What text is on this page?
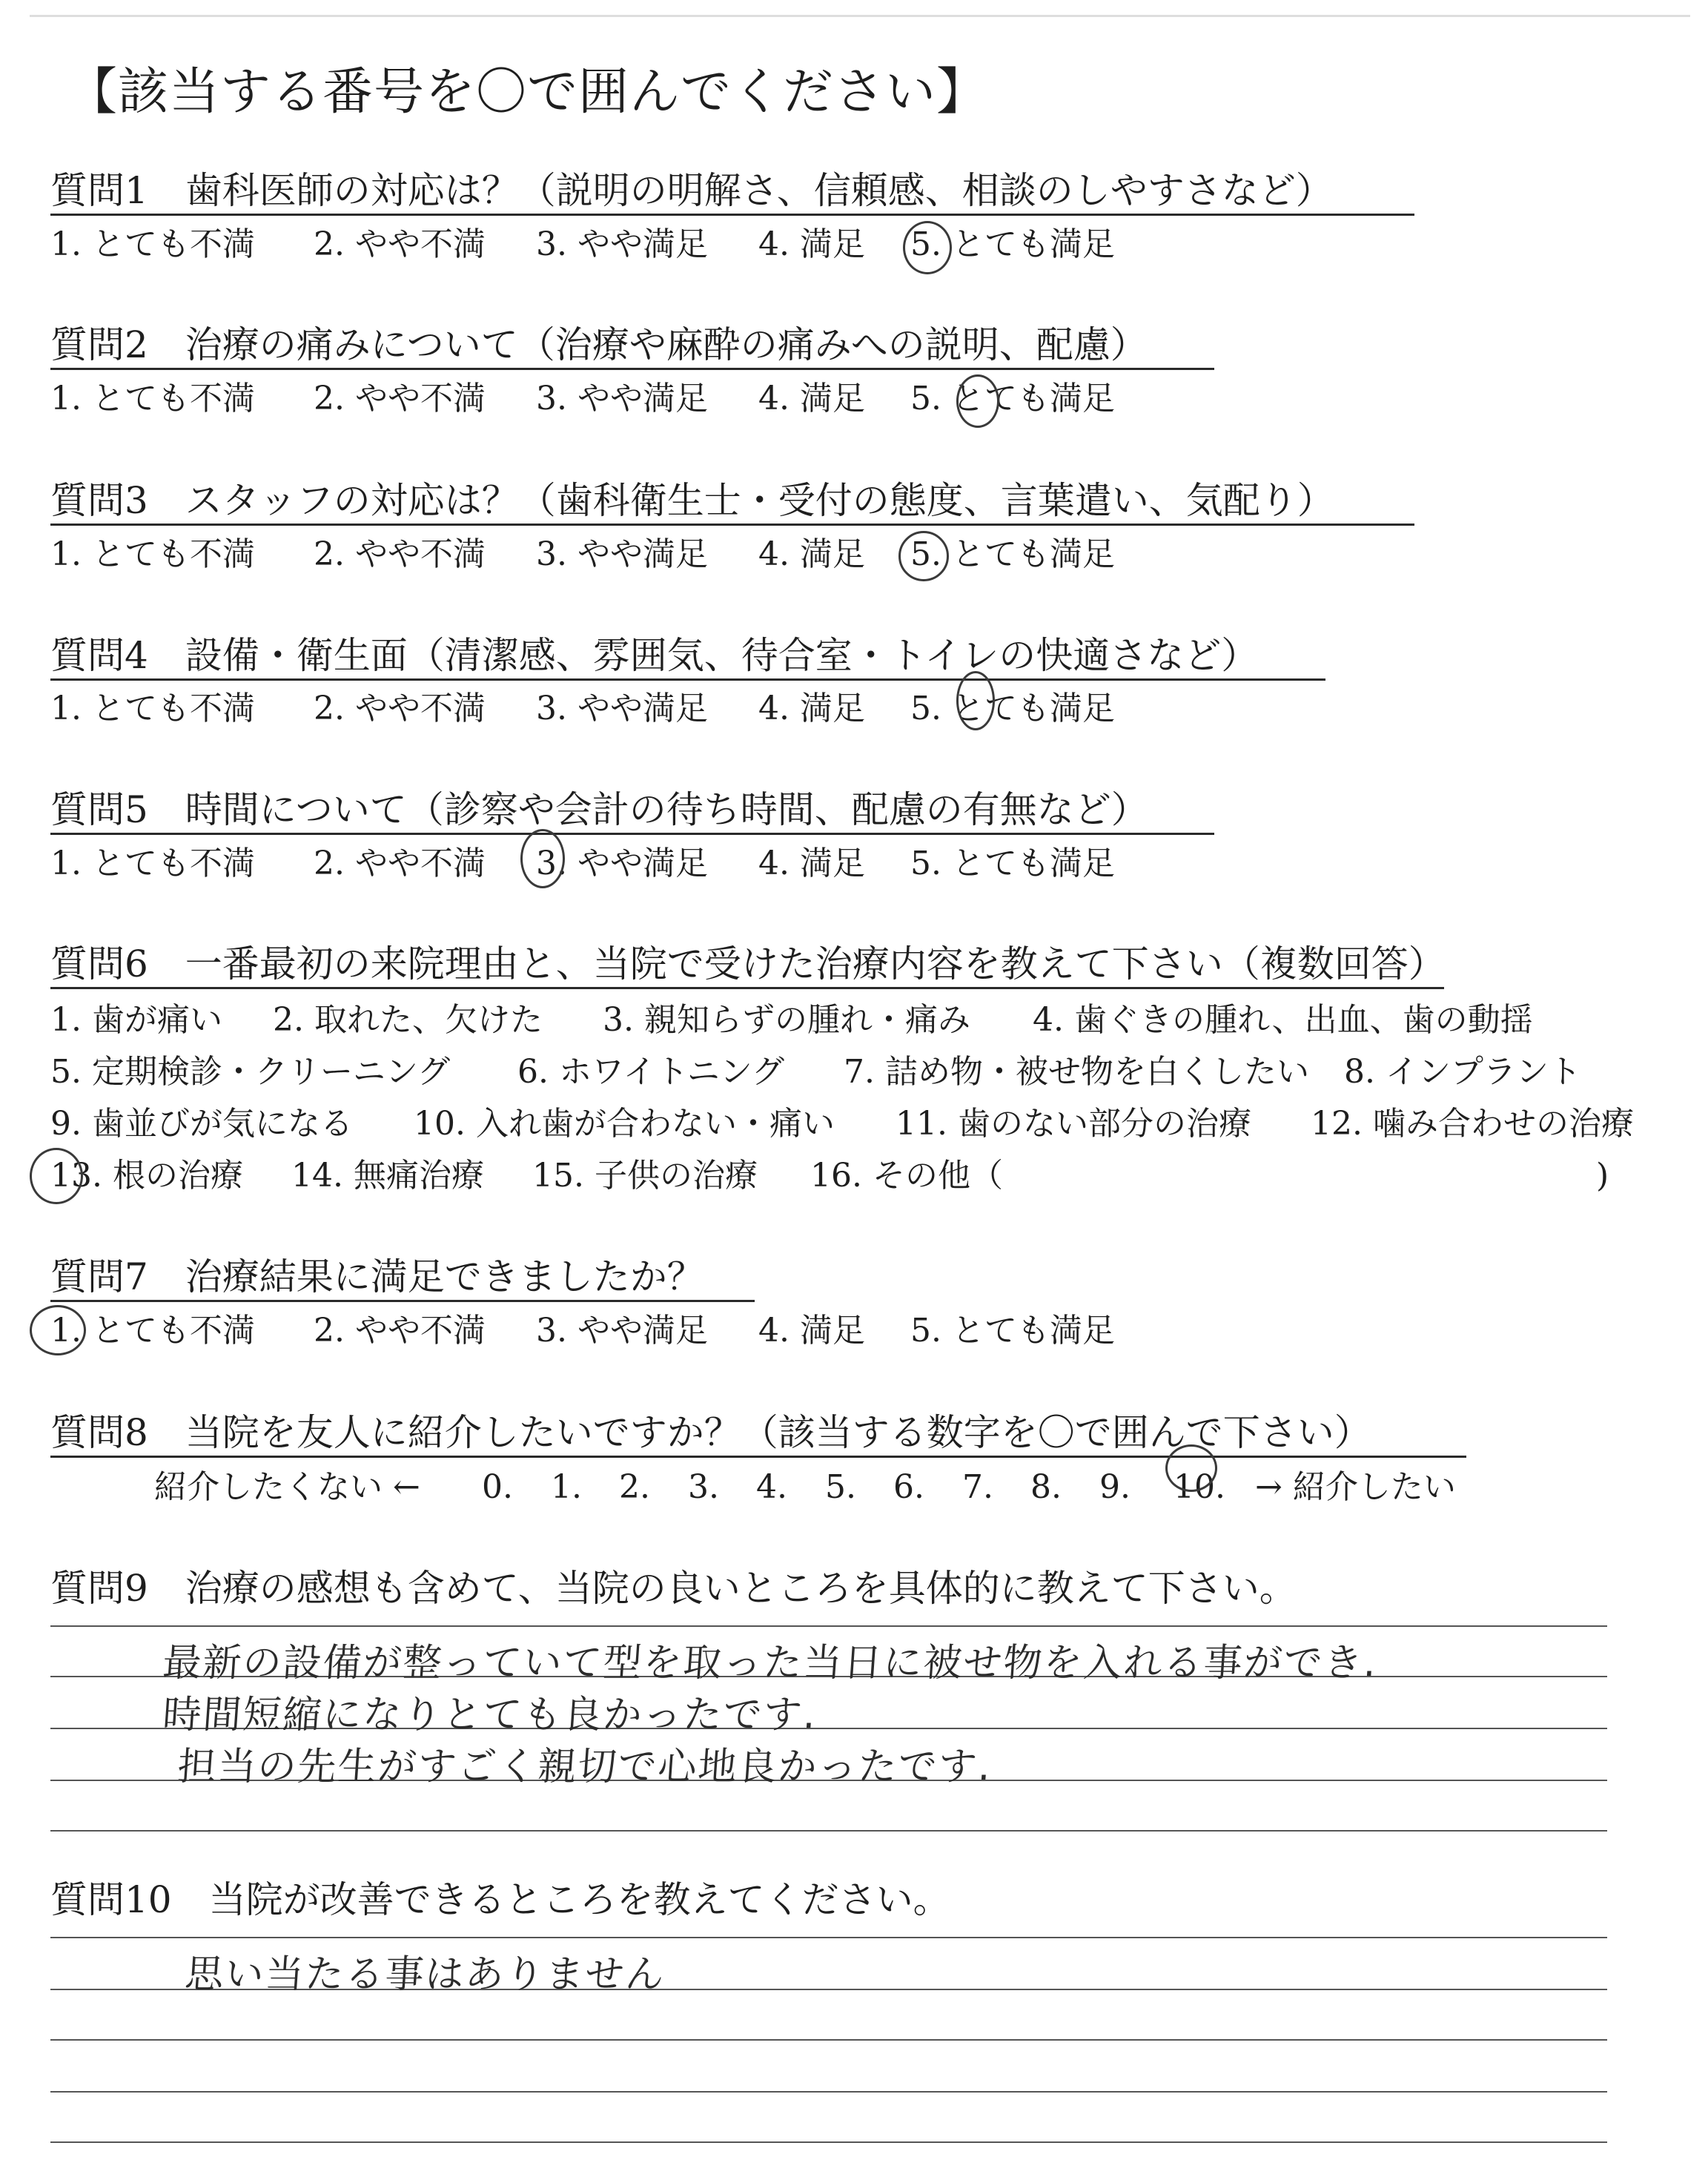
【該当する番号を〇で囲んでください】
質問1　歯科医師の対応は？（説明の明解さ、信頼感、相談のしやすさなど）
1. とても不満 2. やや不満 3. やや満足 4. 満足 5. とても満足
質問2　治療の痛みについて（治療や麻酔の痛みへの説明、配慮）
1. とても不満 2. やや不満 3. やや満足 4. 満足 5. とても満足
質問3　スタッフの対応は？（歯科衛生士・受付の態度、言葉遣い、気配り）
1. とても不満 2. やや不満 3. やや満足 4. 満足 5. とても満足
質問4　設備・衛生面（清潔感、雰囲気、待合室・トイレの快適さなど）
1. とても不満 2. やや不満 3. やや満足 4. 満足 5. とても満足
質問5　時間について（診察や会計の待ち時間、配慮の有無など）
1. とても不満 2. やや不満 3. やや満足 4. 満足 5. とても満足
質問6　一番最初の来院理由と、当院で受けた治療内容を教えて下さい（複数回答）
1. 歯が痛い 2. 取れた、欠けた 3. 親知らずの腫れ・痛み 4. 歯ぐきの腫れ、出血、歯の動揺
5. 定期検診・クリーニング 6. ホワイトニング 7. 詰め物・被せ物を白くしたい 8. インプラント
9. 歯並びが気になる 10. 入れ歯が合わない・痛い 11. 歯のない部分の治療 12. 噛み合わせの治療
13. 根の治療 14. 無痛治療 15. 子供の治療 16. その他（	)
質問7　治療結果に満足できましたか？
1. とても不満 2. やや不満 3. やや満足 4. 満足 5. とても満足
質問8　当院を友人に紹介したいですか？（該当する数字を〇で囲んで下さい）
紹介したくない ← 0. 1. 2. 3. 4. 5. 6. 7. 8. 9. 10. → 紹介したい
質問9　治療の感想も含めて、当院の良いところを具体的に教えて下さい。
最新の設備が整っていて型を取った当日に被せ物を入れる事ができ.
時間短縮になりとても良かったです.
担当の先生がすごく親切で心地良かったです.
質問10　当院が改善できるところを教えてください。
思い当たる事はありません
